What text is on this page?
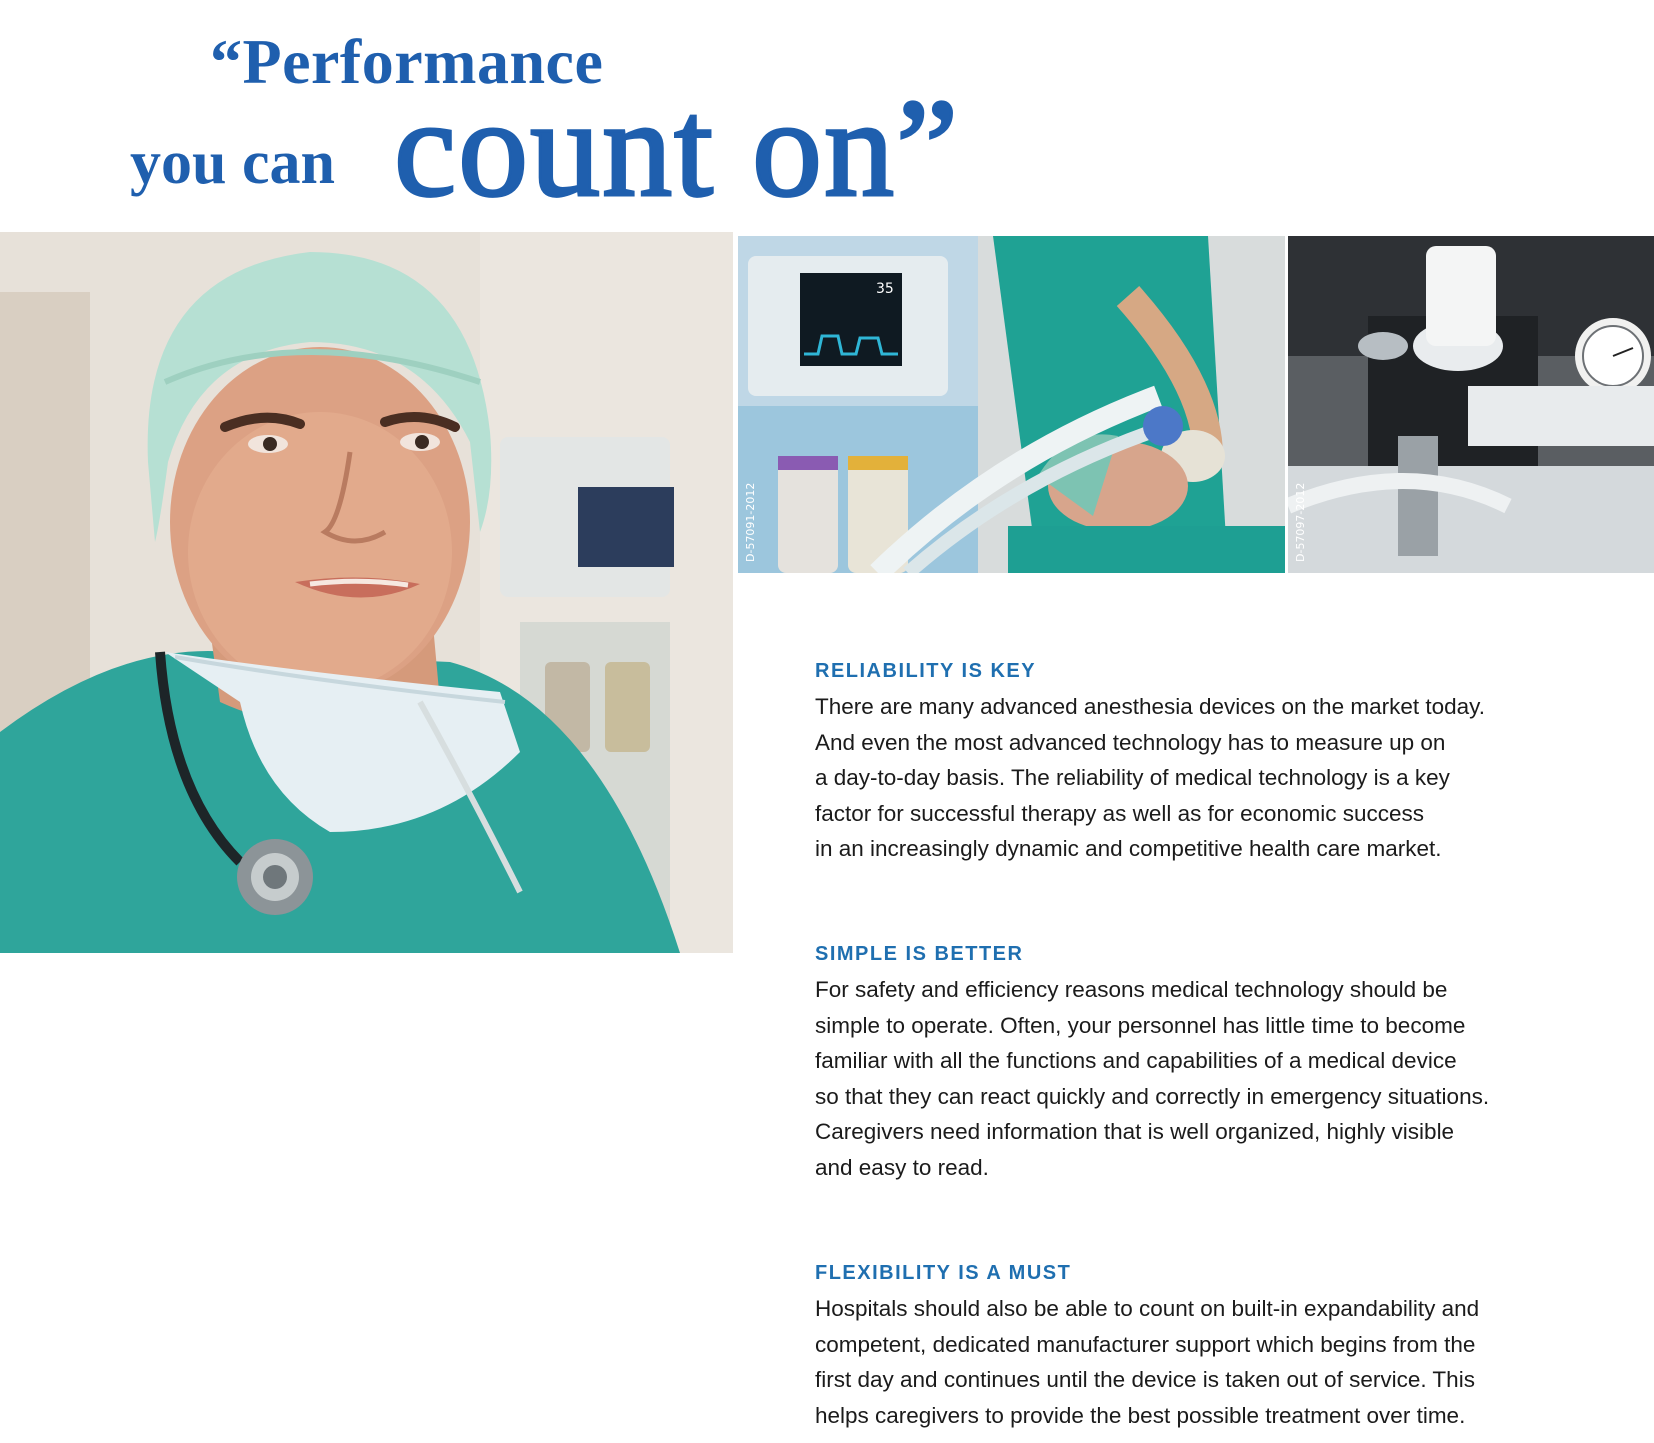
“Performance
you can count on”
35
D-57091-2012	D-57097-2012
RELIABILITY IS KEY
There are many advanced anesthesia devices on the market today.
And even the most advanced technology has to measure up on
a day-to-day basis. The reliability of medical technology is a key
factor for successful therapy as well as for economic success
in an increasingly dynamic and competitive health care market.
SIMPLE IS BETTER
For safety and efficiency reasons medical technology should be
simple to operate. Often, your personnel has little time to become
familiar with all the functions and capabilities of a medical device
so that they can react quickly and correctly in emergency situations.
Caregivers need information that is well organized, highly visible
and easy to read.
FLEXIBILITY IS A MUST
Hospitals should also be able to count on built-in expandability and
competent, dedicated manufacturer support which begins from the
first day and continues until the device is taken out of service. This
helps caregivers to provide the best possible treatment over time.
